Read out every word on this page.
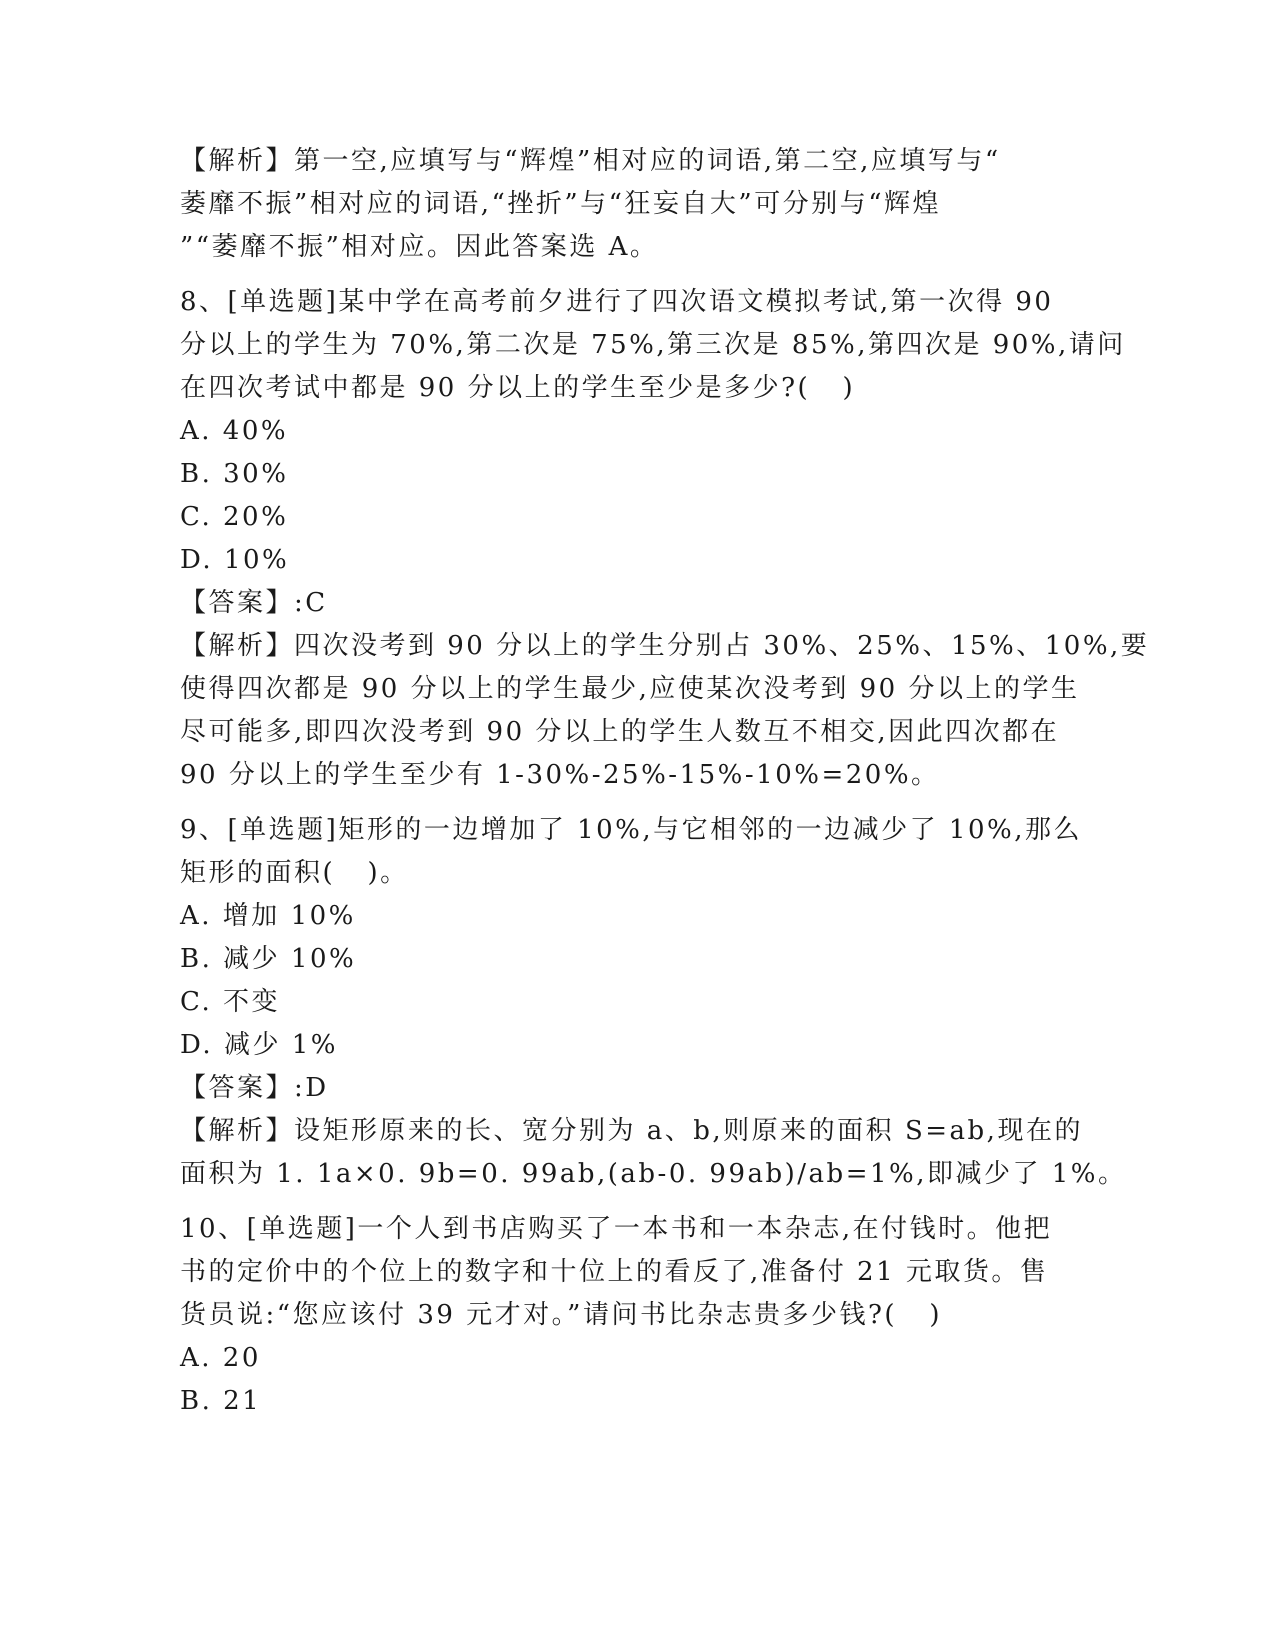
【解析】第一空,应填写与“辉煌”相对应的词语,第二空,应填写与“
萎靡不振”相对应的词语,“挫折”与“狂妄自大”可分别与“辉煌
”“萎靡不振”相对应。因此答案选 A。
8、[单选题]某中学在高考前夕进行了四次语文模拟考试,第一次得 90
分以上的学生为 70%,第二次是 75%,第三次是 85%,第四次是 90%,请问
在四次考试中都是 90 分以上的学生至少是多少?(   )
A. 40%
B. 30%
C. 20%
D. 10%
【答案】:C
【解析】四次没考到 90 分以上的学生分别占 30%、25%、15%、10%,要
使得四次都是 90 分以上的学生最少,应使某次没考到 90 分以上的学生
尽可能多,即四次没考到 90 分以上的学生人数互不相交,因此四次都在
90 分以上的学生至少有 1-30%-25%-15%-10%=20%。
9、[单选题]矩形的一边增加了 10%,与它相邻的一边减少了 10%,那么
矩形的面积(   )。
A. 增加 10%
B. 减少 10%
C. 不变
D. 减少 1%
【答案】:D
【解析】设矩形原来的长、宽分别为 a、b,则原来的面积 S=ab,现在的
面积为 1. 1a×0. 9b=0. 99ab,(ab-0. 99ab)/ab=1%,即减少了 1%。
10、[单选题]一个人到书店购买了一本书和一本杂志,在付钱时。他把
书的定价中的个位上的数字和十位上的看反了,准备付 21 元取货。售
货员说:“您应该付 39 元才对。”请问书比杂志贵多少钱?(   )
A. 20
B. 21
